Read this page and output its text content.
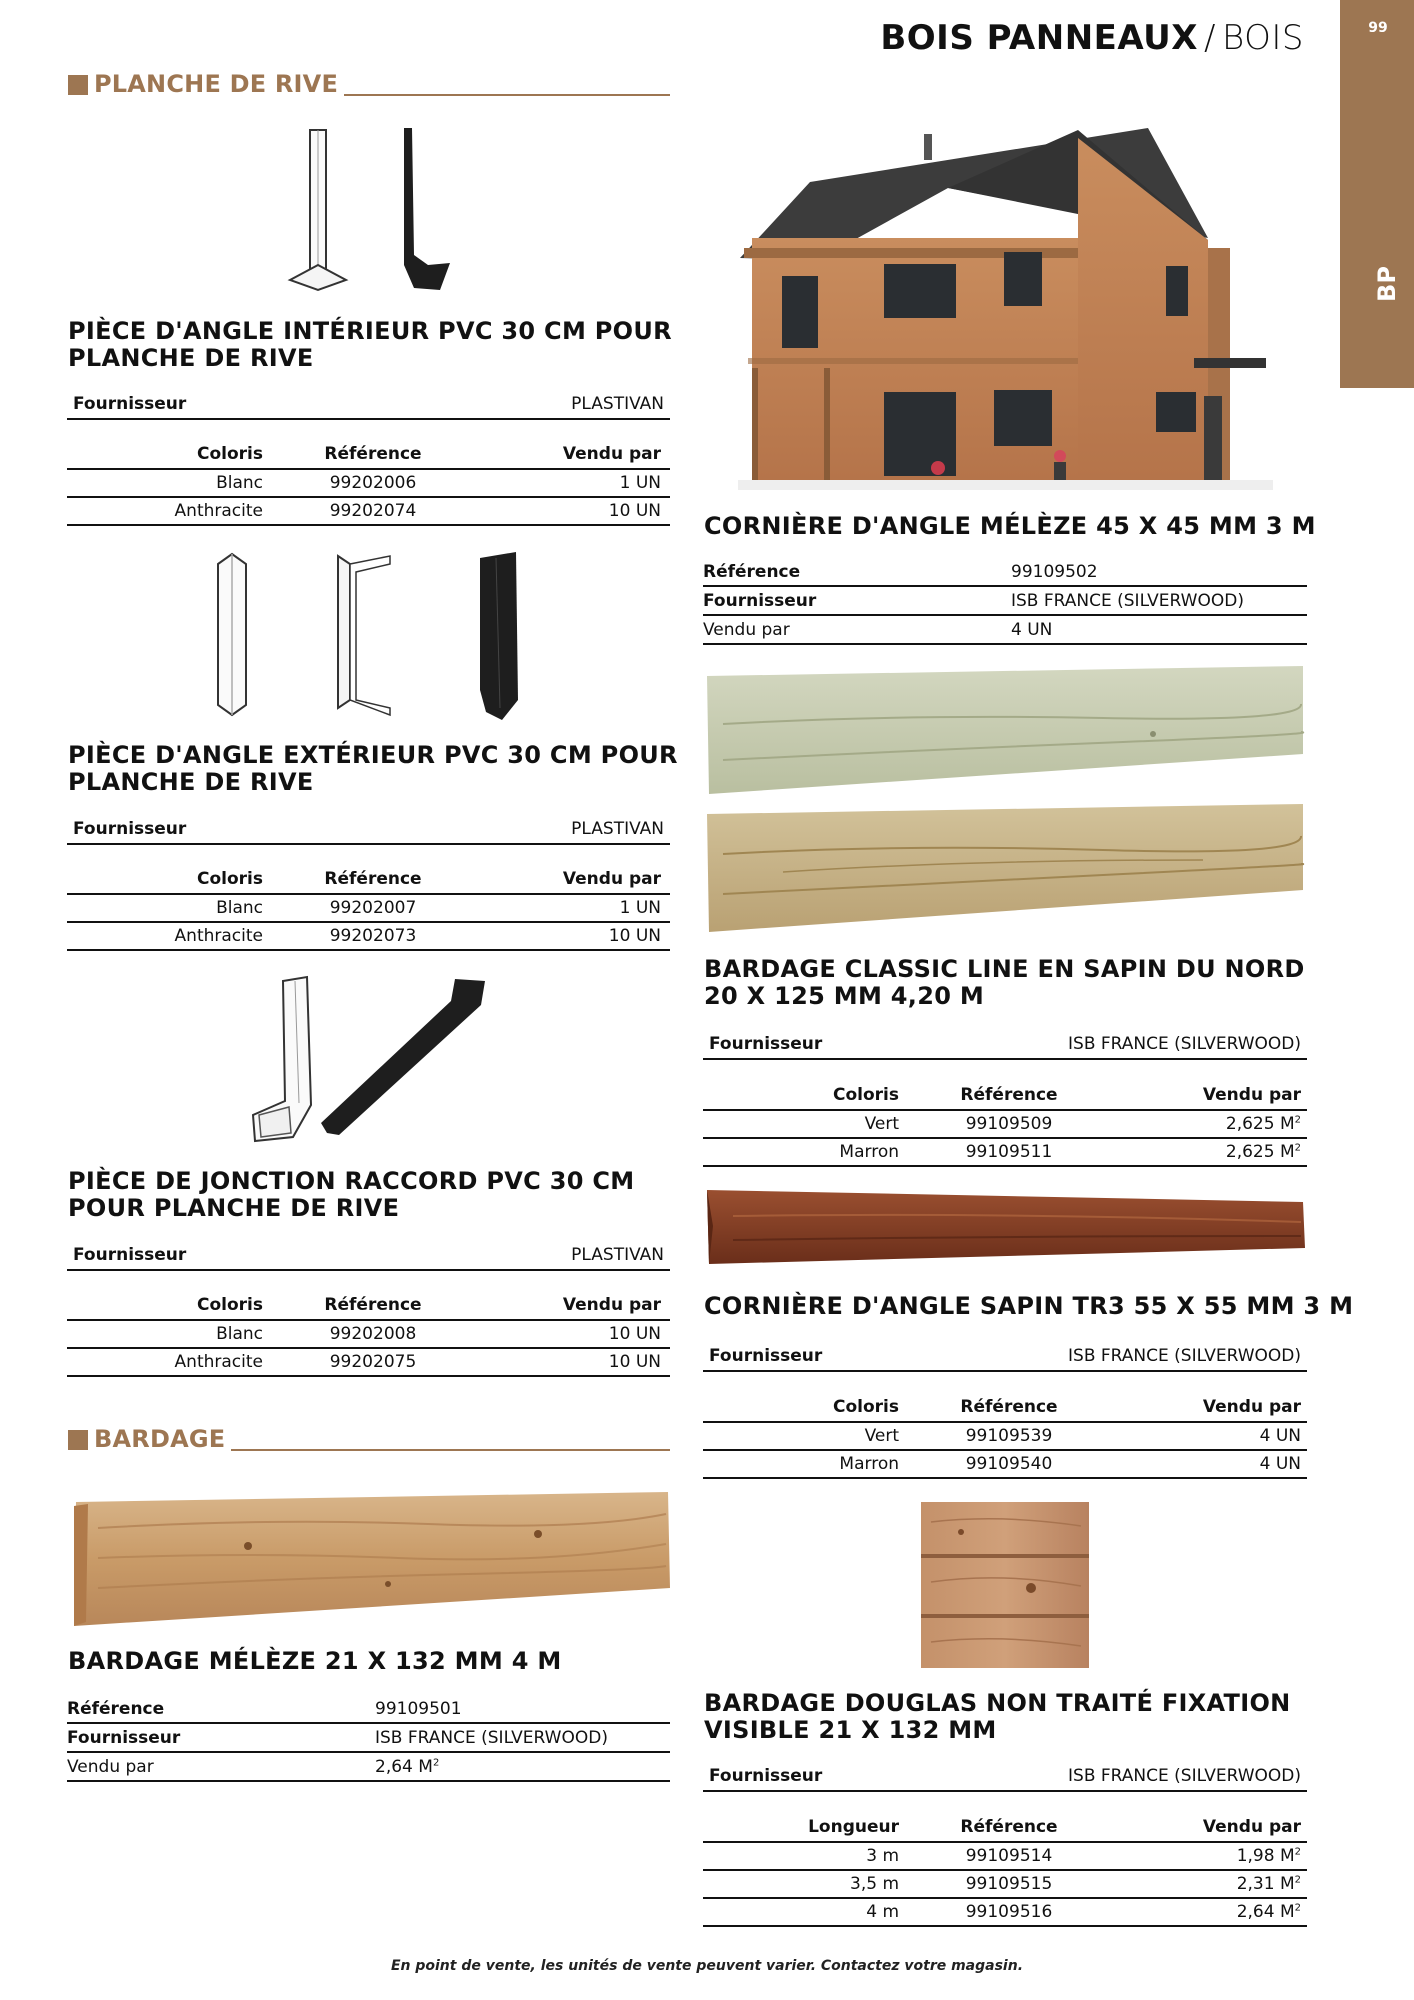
BOIS PANNEAUX / BOIS	99
BP
PLANCHE DE RIVE
PIÈCE D'ANGLE INTÉRIEUR PVC 30 CM POUR
PLANCHE DE RIVE
Fournisseur	PLASTIVAN
Coloris	Référence	Vendu par
Blanc	99202006	1 UN
Anthracite	99202074	10 UN
PIÈCE D'ANGLE EXTÉRIEUR PVC 30 CM POUR
PLANCHE DE RIVE
Fournisseur	PLASTIVAN
Coloris	Référence	Vendu par
Blanc	99202007	1 UN
Anthracite	99202073	10 UN
PIÈCE DE JONCTION RACCORD PVC 30 CM
POUR PLANCHE DE RIVE
Fournisseur	PLASTIVAN
Coloris	Référence	Vendu par
Blanc	99202008	10 UN
Anthracite	99202075	10 UN
BARDAGE
BARDAGE MÉLÈZE 21 X 132 MM 4 M
Référence	99109501
Fournisseur	ISB FRANCE (SILVERWOOD)
Vendu par	2,64 $M^2$
CORNIÈRE D'ANGLE MÉLÈZE 45 X 45 MM 3 M
Référence	99109502
Fournisseur	ISB FRANCE (SILVERWOOD)
Vendu par	4 UN
BARDAGE CLASSIC LINE EN SAPIN DU NORD
20 X 125 MM 4,20 M
Fournisseur	ISB FRANCE (SILVERWOOD)
Coloris	Référence	Vendu par
Vert	99109509	2,625 $M^2$
Marron	99109511	2,625 $M^2$
CORNIÈRE D'ANGLE SAPIN TR3 55 X 55 MM 3 M
Fournisseur	ISB FRANCE (SILVERWOOD)
Coloris	Référence	Vendu par
Vert	99109539	4 UN
Marron	99109540	4 UN
BARDAGE DOUGLAS NON TRAITÉ FIXATION
VISIBLE 21 X 132 MM
Fournisseur	ISB FRANCE (SILVERWOOD)
Longueur	Référence	Vendu par
3 m	99109514	1,98 $M^2$
3,5 m	99109515	2,31 $M^2$
4 m	99109516	2,64 $M^2$
En point de vente, les unités de vente peuvent varier. Contactez votre magasin.
